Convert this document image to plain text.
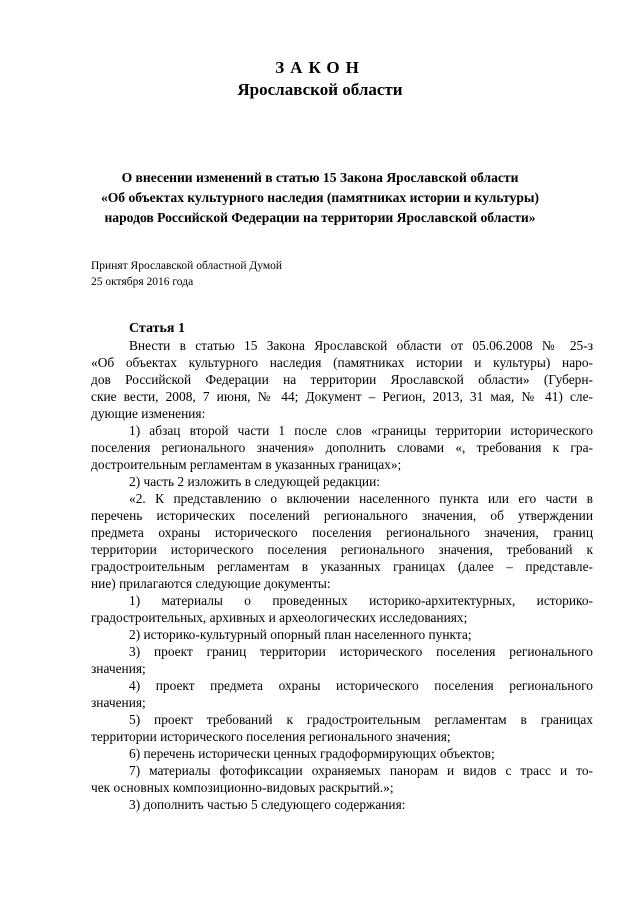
ЗАКОН
Ярославской области
О внесении изменений в статью 15 Закона Ярославской области
«Об объектах культурного наследия (памятниках истории и культуры)
народов Российской Федерации на территории Ярославской области»
Принят Ярославской областной Думой
25 октября 2016 года
Статья 1
Внести в статью 15 Закона Ярославской области от 05.06.2008 № 25-з
«Об объектах культурного наследия (памятниках истории и культуры) наро-
дов Российской Федерации на территории Ярославской области» (Губерн-
ские вести, 2008, 7 июня, № 44; Документ – Регион, 2013, 31 мая, № 41) сле-
дующие изменения:
1) абзац второй части 1 после слов «границы территории исторического
поселения регионального значения» дополнить словами «, требования к гра-
достроительным регламентам в указанных границах»;
2) часть 2 изложить в следующей редакции:
«2. К представлению о включении населенного пункта или его части в
перечень исторических поселений регионального значения, об утверждении
предмета охраны исторического поселения регионального значения, границ
территории исторического поселения регионального значения, требований к
градостроительным регламентам в указанных границах (далее – представле-
ние) прилагаются следующие документы:
1) материалы о проведенных историко-архитектурных, историко-
градостроительных, архивных и археологических исследованиях;
2) историко-культурный опорный план населенного пункта;
3) проект границ территории исторического поселения регионального
значения;
4) проект предмета охраны исторического поселения регионального
значения;
5) проект требований к градостроительным регламентам в границах
территории исторического поселения регионального значения;
6) перечень исторически ценных градоформирующих объектов;
7) материалы фотофиксации охраняемых панорам и видов с трасс и то-
чек основных композиционно-видовых раскрытий.»;
3) дополнить частью 5 следующего содержания:
